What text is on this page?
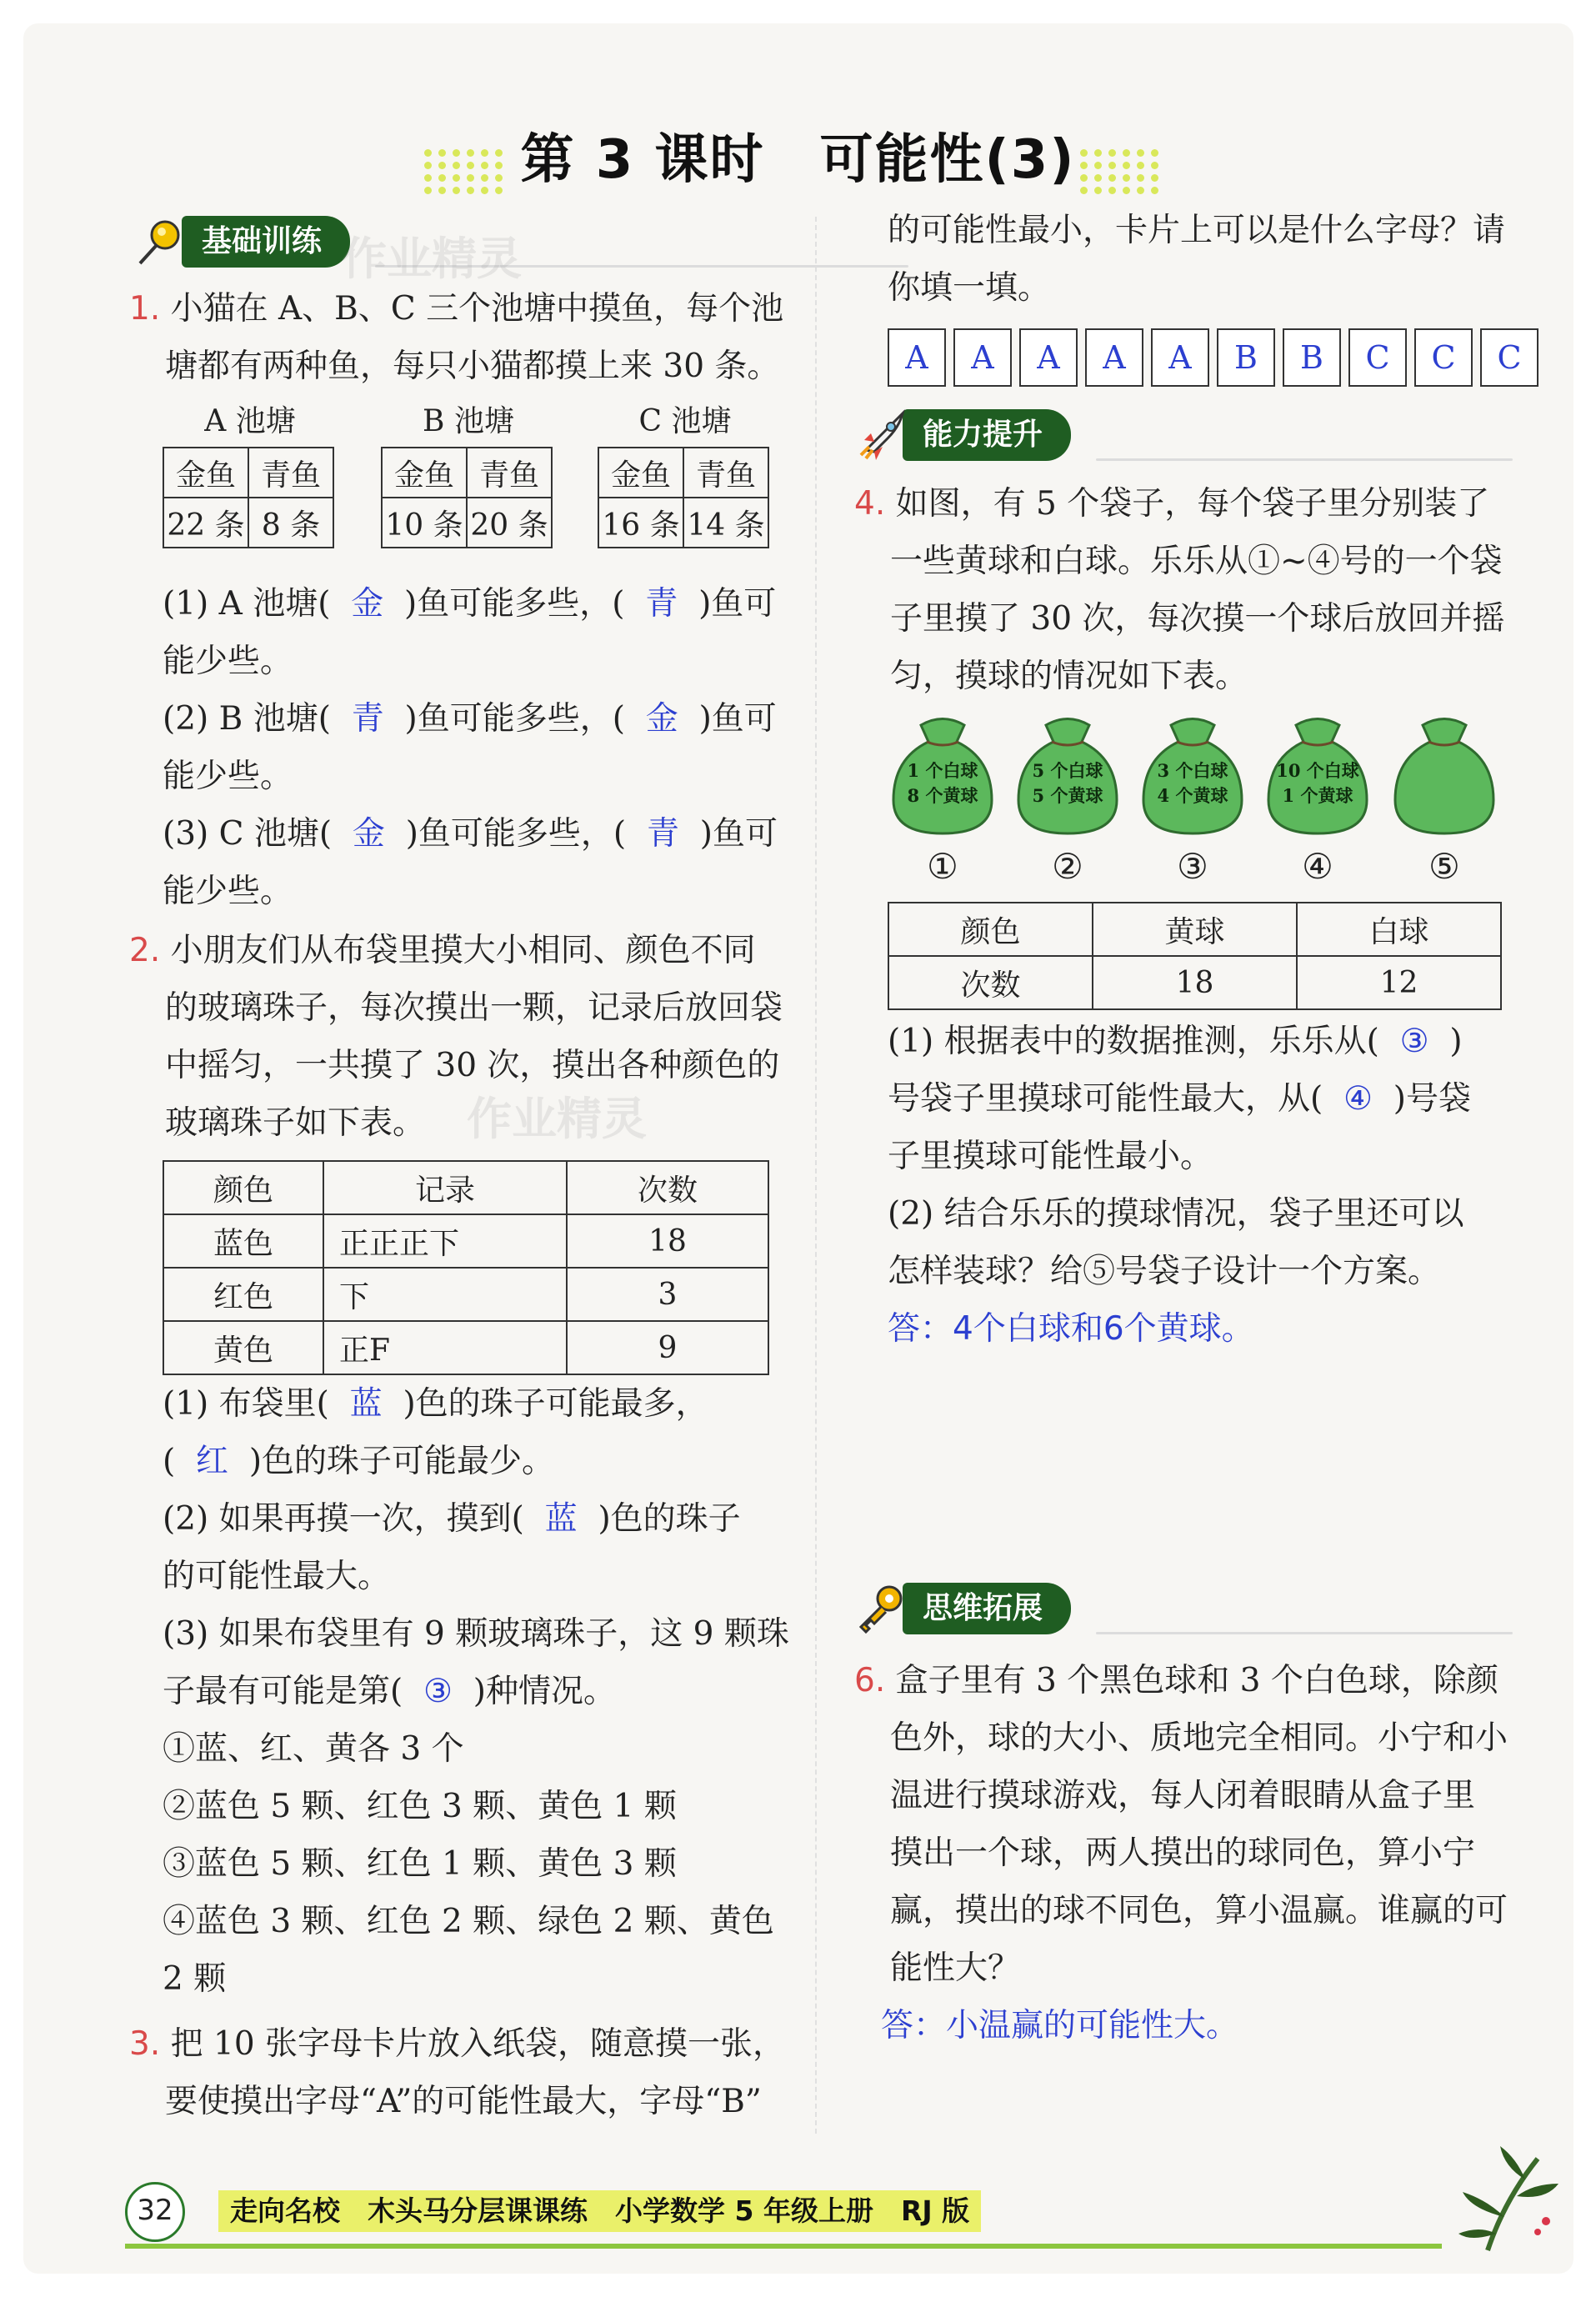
第 3 课时　可能性(3)
基础训练 作业精灵

1. 小猫在 A、B、C 三个池塘中摸鱼，每个池

塘都有两种鱼，每只小猫都摸上来 30 条。

A 池塘
金鱼	青鱼
22 条	8 条
B 池塘
金鱼	青鱼
10 条	20 条
C 池塘
金鱼	青鱼
16 条	14 条

(1) A 池塘( 金 )鱼可能多些，( 青 )鱼可

能少些。

(2) B 池塘( 青 )鱼可能多些，( 金 )鱼可

能少些。

(3) C 池塘( 金 )鱼可能多些，( 青 )鱼可

能少些。

2. 小朋友们从布袋里摸大小相同、颜色不同

的玻璃珠子，每次摸出一颗，记录后放回袋

中摇匀，一共摸了 30 次，摸出各种颜色的

玻璃珠子如下表。 作业精灵
颜色	记录	次数
蓝色	正正正下	18
红色	下	3
黄色	正F	9

(1) 布袋里( 蓝 )色的珠子可能最多，

( 红 )色的珠子可能最少。

(2) 如果再摸一次，摸到( 蓝 )色的珠子

的可能性最大。

(3) 如果布袋里有 9 颗玻璃珠子，这 9 颗珠

子最有可能是第( ③ )种情况。

①蓝、红、黄各 3 个

②蓝色 5 颗、红色 3 颗、黄色 1 颗

③蓝色 5 颗、红色 1 颗、黄色 3 颗

④蓝色 3 颗、红色 2 颗、绿色 2 颗、黄色

2 颗

3. 把 10 张字母卡片放入纸袋，随意摸一张，

要使摸出字母“A”的可能性最大，字母“B”

的可能性最小，卡片上可以是什么字母？请

你填一填。

A	A	A	A	A	B	B	C	C	C
能力提升

4. 如图，有 5 个袋子，每个袋子里分别装了

一些黄球和白球。乐乐从①~④号的一个袋

子里摸了 30 次，每次摸一个球后放回并摇

匀，摸球的情况如下表。

1 个白球
8 个黄球
①
5 个白球
5 个黄球
②
3 个白球
4 个黄球
③
10 个白球
1 个黄球
④	⑤
颜色	黄球	白球
次数	18	12

(1) 根据表中的数据推测，乐乐从( ③ )

号袋子里摸球可能性最大，从( ④ )号袋

子里摸球可能性最小。

(2) 结合乐乐的摸球情况，袋子里还可以

怎样装球？给⑤号袋子设计一个方案。

答：4个白球和6个黄球。

思维拓展

6. 盒子里有 3 个黑色球和 3 个白色球，除颜

色外，球的大小、质地完全相同。小宁和小

温进行摸球游戏，每人闭着眼睛从盒子里

摸出一个球，两人摸出的球同色，算小宁

赢，摸出的球不同色，算小温赢。谁赢的可

能性大？

答：小温赢的可能性大。

32	走向名校　木头马分层课课练　小学数学 5 年级上册　RJ 版
